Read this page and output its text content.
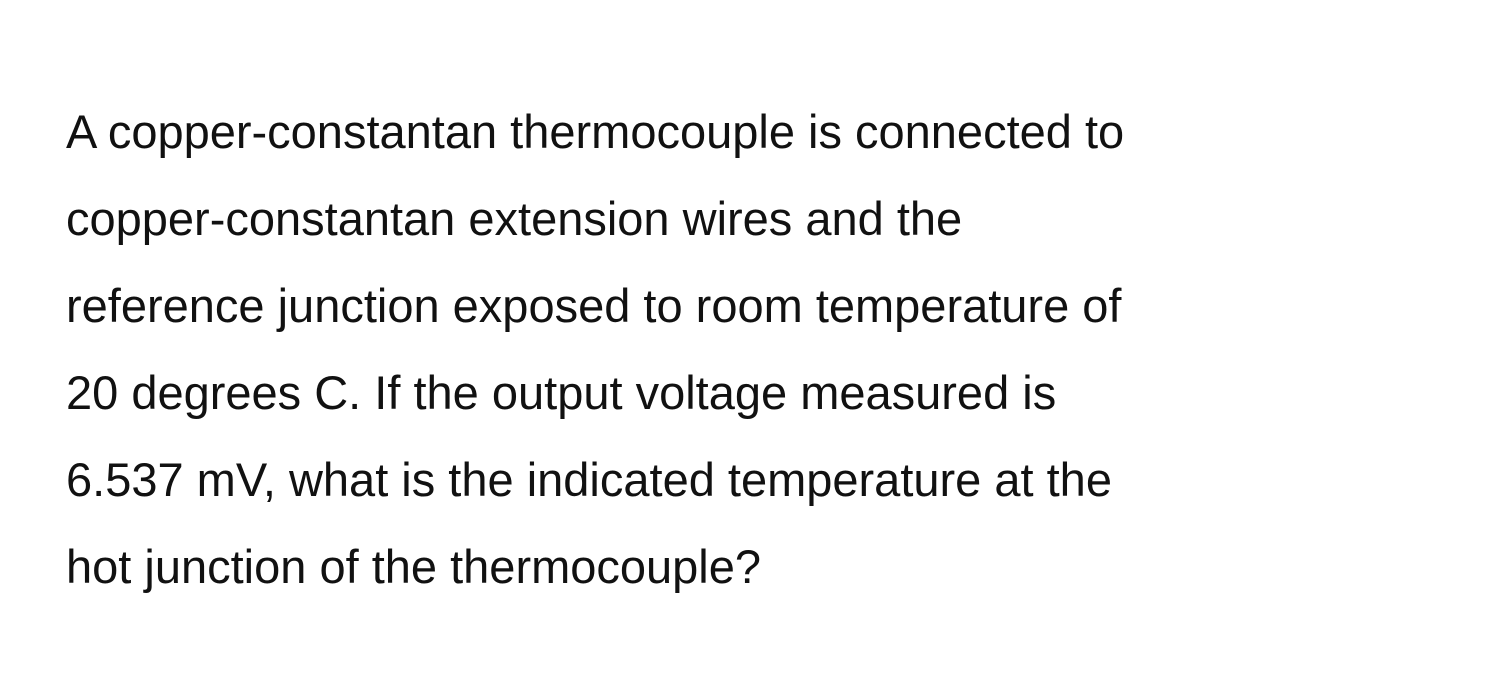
A copper-constantan thermocouple is connected to
copper-constantan extension wires and the
reference junction exposed to room temperature of
20 degrees C. If the output voltage measured is
6.537 mV, what is the indicated temperature at the
hot junction of the thermocouple?
